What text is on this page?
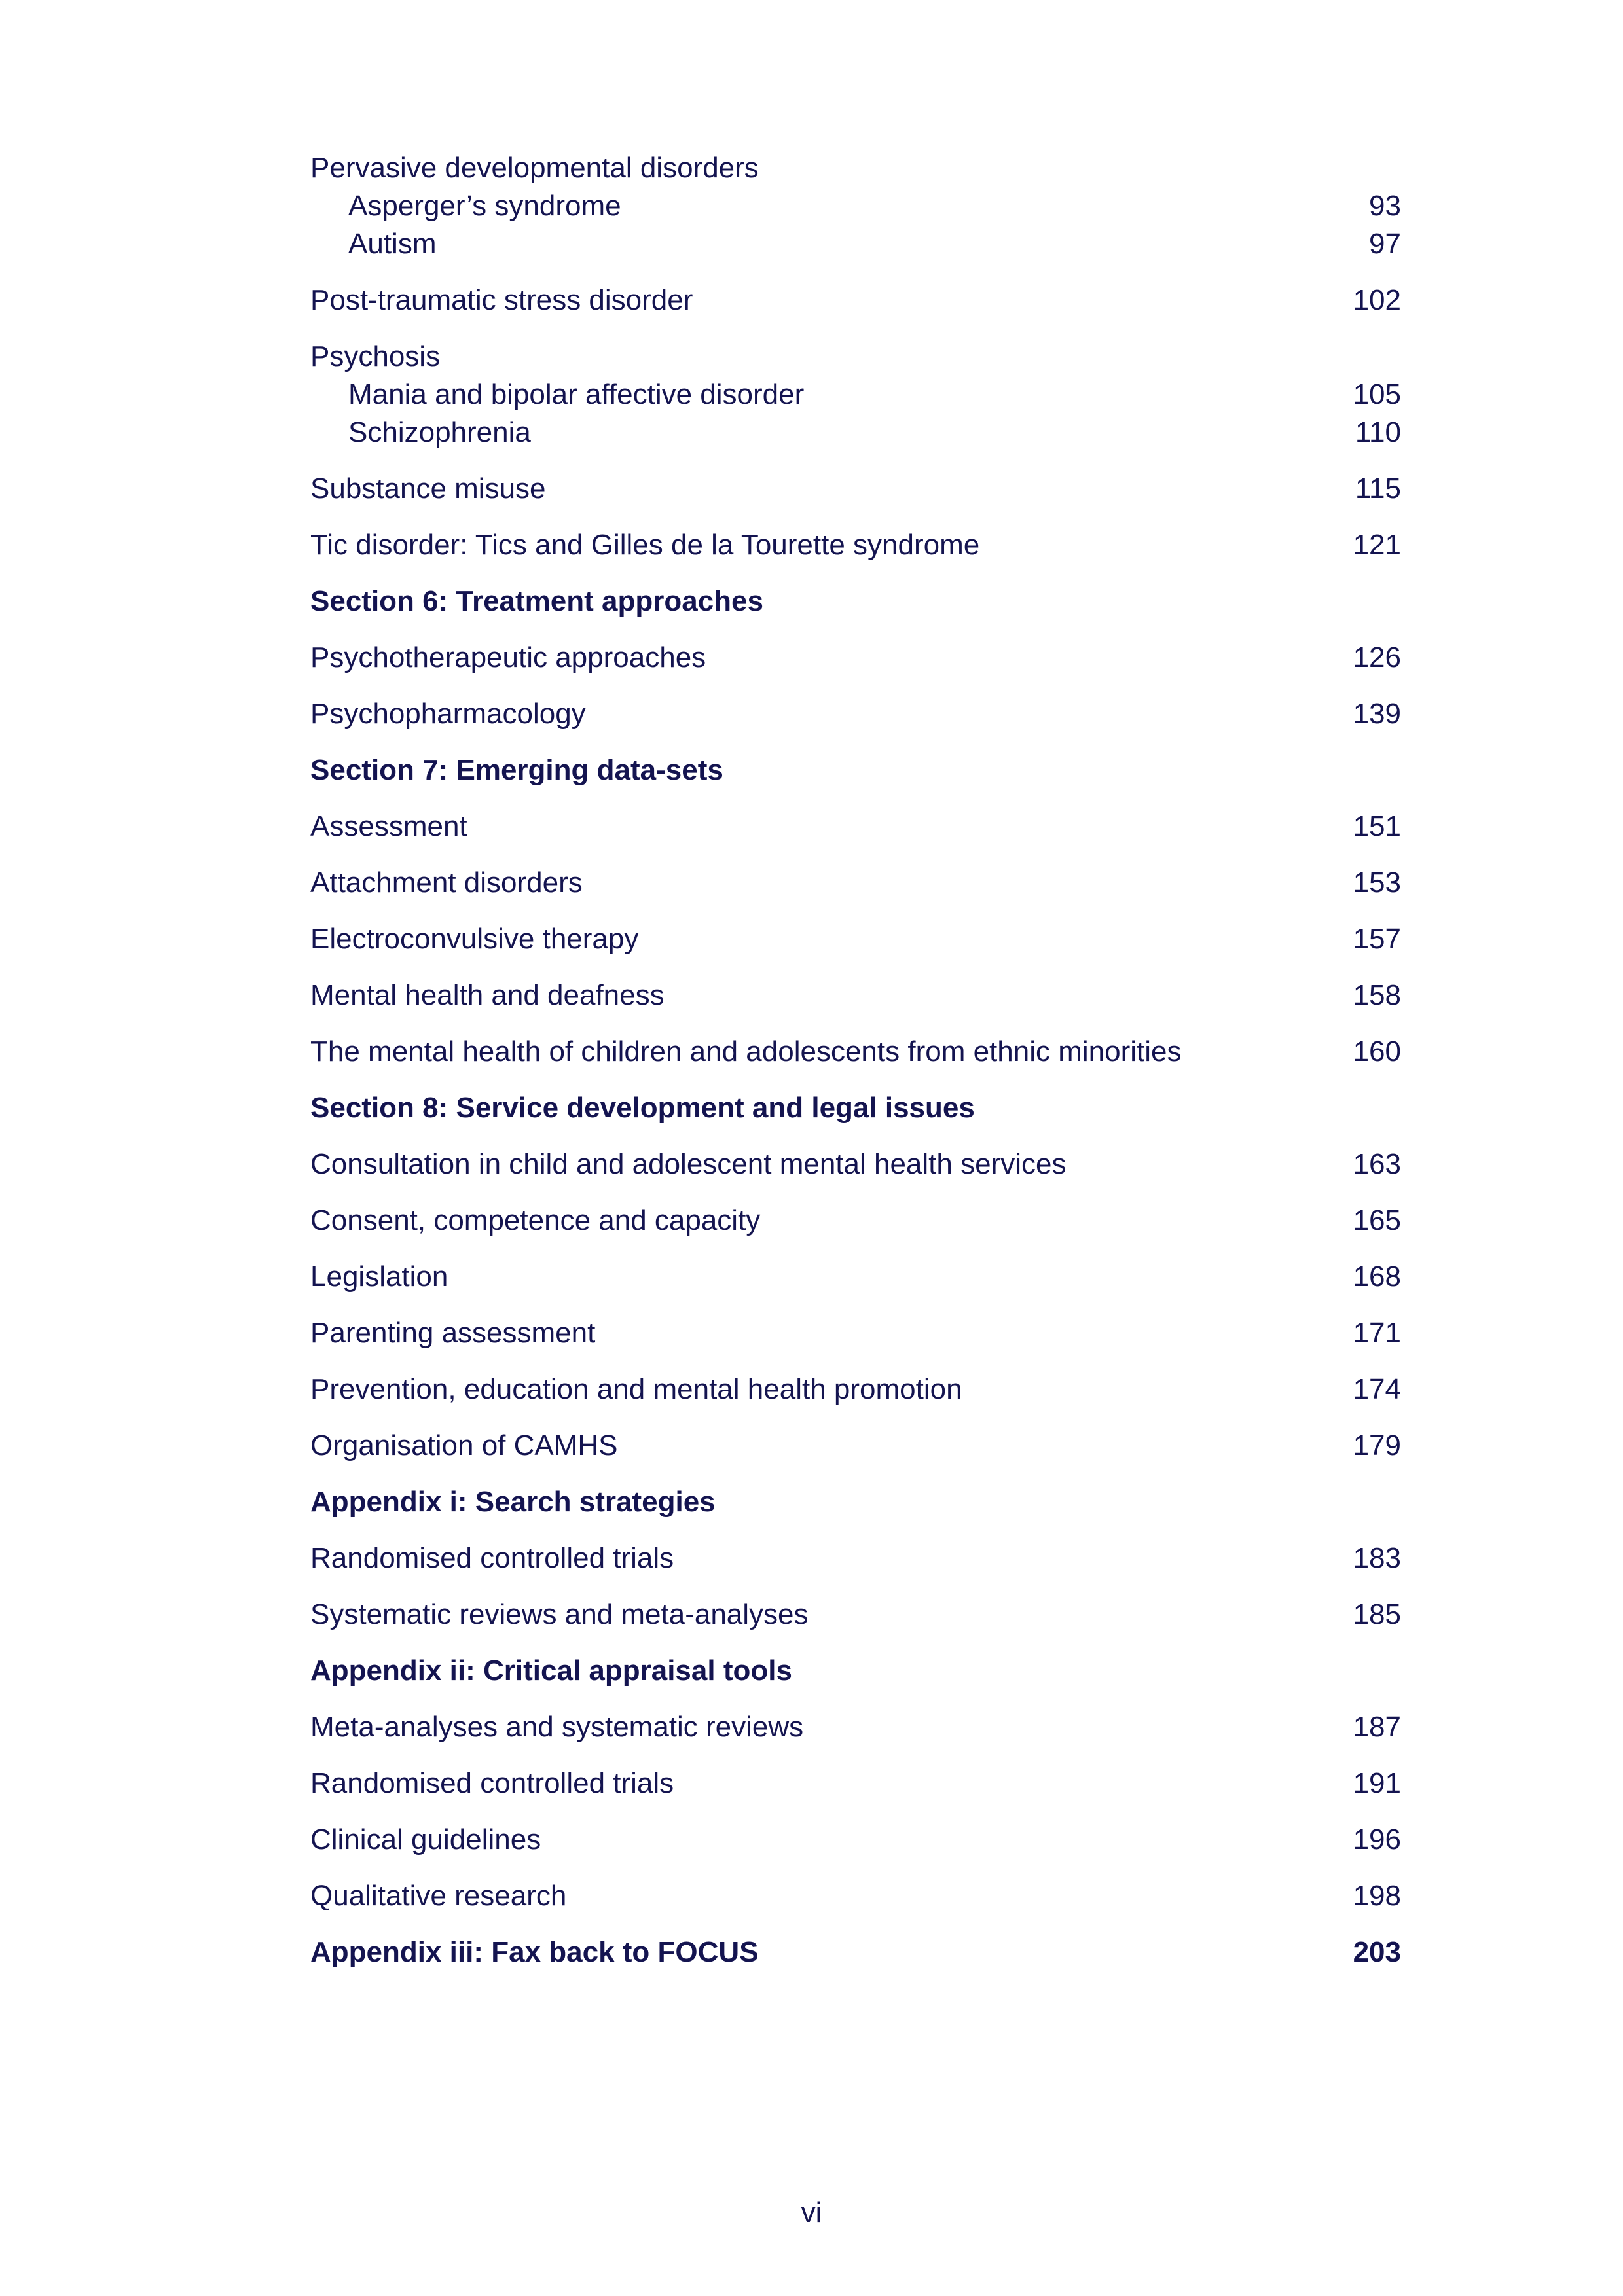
Pervasive developmental disorders
Asperger’s syndrome	93
Autism	97
Post-traumatic stress disorder	102
Psychosis
Mania and bipolar affective disorder	105
Schizophrenia	110
Substance misuse	115
Tic disorder: Tics and Gilles de la Tourette syndrome	121
Section 6: Treatment approaches
Psychotherapeutic approaches	126
Psychopharmacology	139
Section 7: Emerging data-sets
Assessment	151
Attachment disorders	153
Electroconvulsive therapy	157
Mental health and deafness	158
The mental health of children and adolescents from ethnic minorities	160
Section 8: Service development and legal issues
Consultation in child and adolescent mental health services	163
Consent, competence and capacity	165
Legislation	168
Parenting assessment	171
Prevention, education and mental health promotion	174
Organisation of CAMHS	179
Appendix i: Search strategies
Randomised controlled trials	183
Systematic reviews and meta-analyses	185
Appendix ii: Critical appraisal tools
Meta-analyses and systematic reviews	187
Randomised controlled trials	191
Clinical guidelines	196
Qualitative research	198
Appendix iii: Fax back to FOCUS	203
vi
